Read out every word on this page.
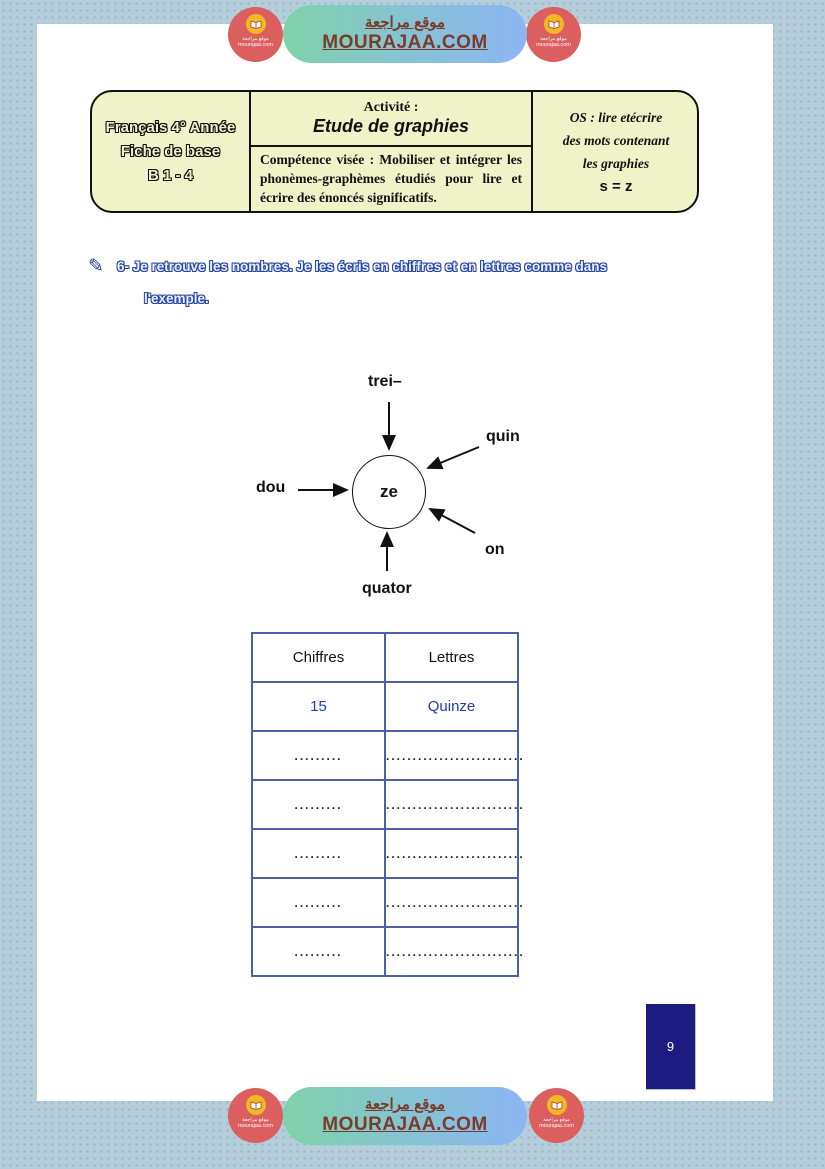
موقع مراجعة
mourajaa.com
موقع مراجعة
MOURAJAA.COM	موقع مراجعة
mourajaa.com
Français 4° Année
Fiche de base
B 1 - 4
Activité :
Etude de graphies
Compétence visée : Mobiliser et intégrer les phonèmes-graphèmes étudiés pour lire et écrire des énoncés significatifs.
OS : lire etécrire
des mots contenant
les graphies
s = z
✎ 6- Je retrouve les nombres. Je les écris en chiffres et en lettres comme dans
l'exemple.
ze
trei–
quin
dou
on
quator
Chiffres	Lettres
15	Quinze
.........	..........................
.........	..........................
.........	..........................
.........	..........................
.........	..........................
9
موقع مراجعة
mourajaa.com
موقع مراجعة
MOURAJAA.COM	موقع مراجعة
mourajaa.com
